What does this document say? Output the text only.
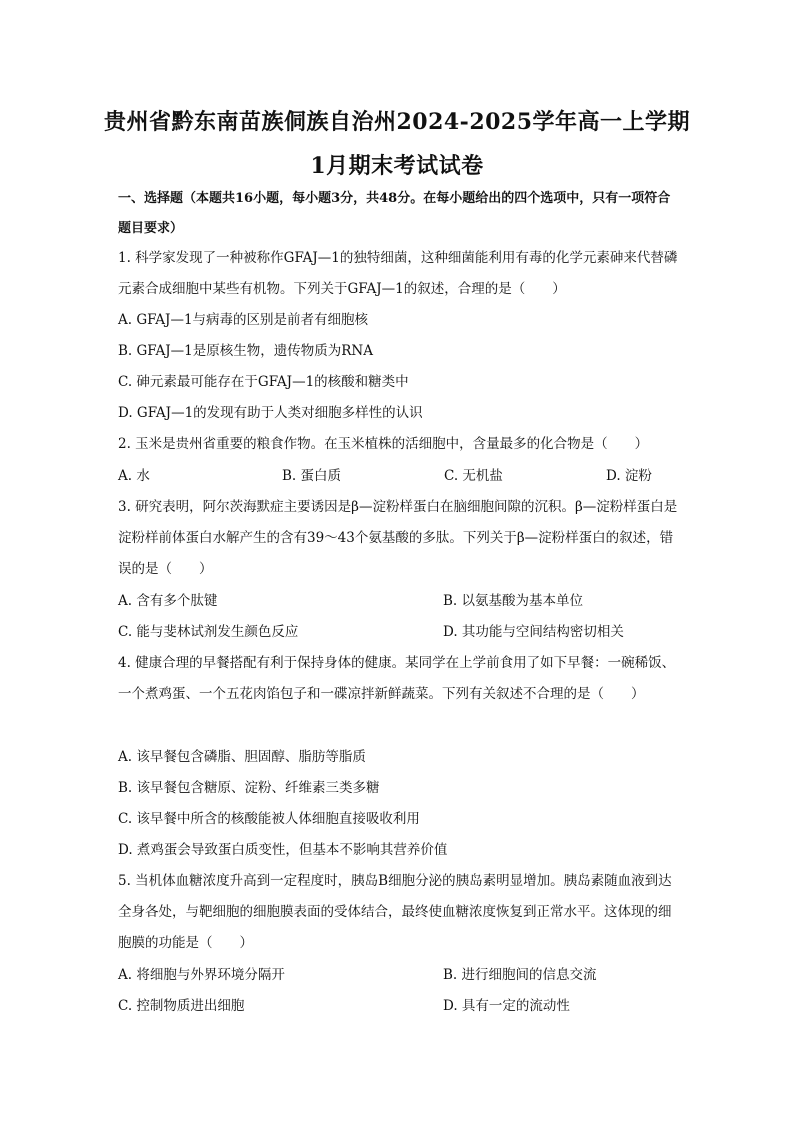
贵州省黔东南苗族侗族自治州2024-2025学年高一上学期1月期末考试试卷
一、选择题（本题共16小题，每小题3分，共48分。在每小题给出的四个选项中，只有一项符合题目要求）
1. 科学家发现了一种被称作GFAJ—1的独特细菌，这种细菌能利用有毒的化学元素砷来代替磷元素合成细胞中某些有机物。下列关于GFAJ—1的叙述，合理的是（　　）
A. GFAJ—1与病毒的区别是前者有细胞核
B. GFAJ—1是原核生物，遗传物质为RNA
C. 砷元素最可能存在于GFAJ—1的核酸和糖类中
D. GFAJ—1的发现有助于人类对细胞多样性的认识
2. 玉米是贵州省重要的粮食作物。在玉米植株的活细胞中，含量最多的化合物是（　　）
A. 水	B. 蛋白质	C. 无机盐	D. 淀粉
3. 研究表明，阿尔茨海默症主要诱因是β—淀粉样蛋白在脑细胞间隙的沉积。β—淀粉样蛋白是淀粉样前体蛋白水解产生的含有39～43个氨基酸的多肽。下列关于β—淀粉样蛋白的叙述，错误的是（　　）
A. 含有多个肽键	B. 以氨基酸为基本单位
C. 能与斐林试剂发生颜色反应	D. 其功能与空间结构密切相关
4. 健康合理的早餐搭配有利于保持身体的健康。某同学在上学前食用了如下早餐：一碗稀饭、一个煮鸡蛋、一个五花肉馅包子和一碟凉拌新鲜蔬菜。下列有关叙述不合理的是（　　）
A. 该早餐包含磷脂、胆固醇、脂肪等脂质
B. 该早餐包含糖原、淀粉、纤维素三类多糖
C. 该早餐中所含的核酸能被人体细胞直接吸收利用
D. 煮鸡蛋会导致蛋白质变性，但基本不影响其营养价值
5. 当机体血糖浓度升高到一定程度时，胰岛B细胞分泌的胰岛素明显增加。胰岛素随血液到达全身各处，与靶细胞的细胞膜表面的受体结合，最终使血糖浓度恢复到正常水平。这体现的细胞膜的功能是（　　）
A. 将细胞与外界环境分隔开	B. 进行细胞间的信息交流
C. 控制物质进出细胞	D. 具有一定的流动性
